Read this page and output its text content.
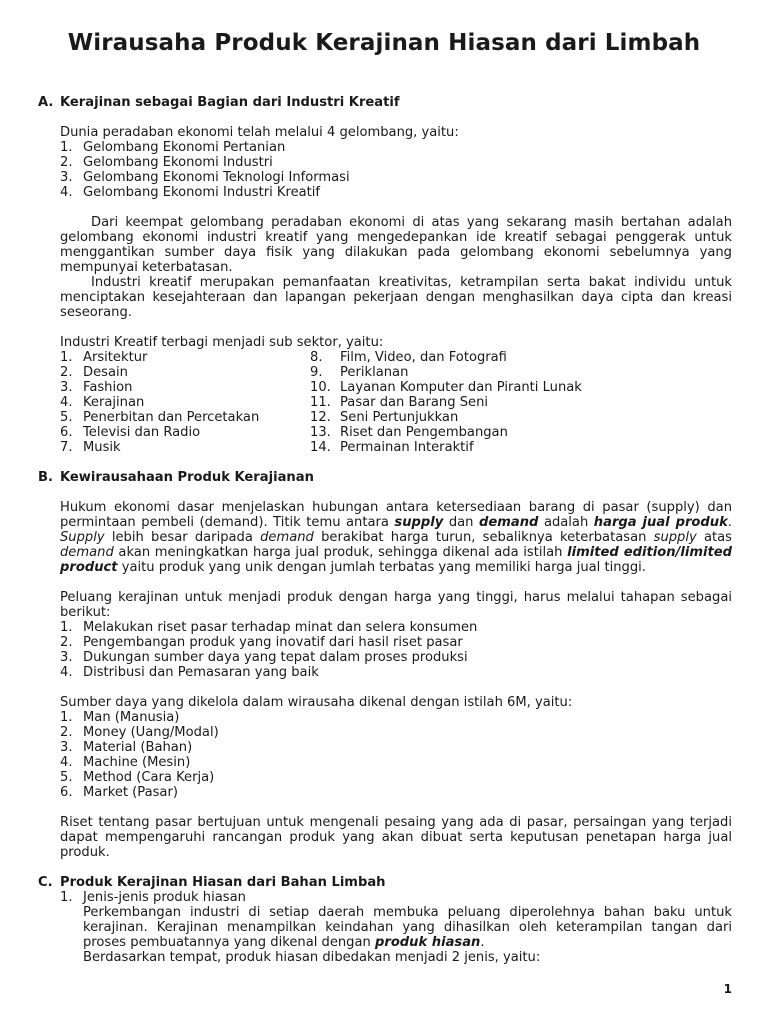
Wirausaha Produk Kerajinan Hiasan dari Limbah
A. Kerajinan sebagai Bagian dari Industri Kreatif
Dunia peradaban ekonomi telah melalui 4 gelombang, yaitu:
1. Gelombang Ekonomi Pertanian
2. Gelombang Ekonomi Industri
3. Gelombang Ekonomi Teknologi Informasi
4. Gelombang Ekonomi Industri Kreatif
Dari keempat gelombang peradaban ekonomi di atas yang sekarang masih bertahan adalah gelombang ekonomi industri kreatif yang mengedepankan ide kreatif sebagai penggerak untuk menggantikan sumber daya fisik yang dilakukan pada gelombang ekonomi sebelumnya yang mempunyai keterbatasan.
Industri kreatif merupakan pemanfaatan kreativitas, ketrampilan serta bakat individu untuk menciptakan kesejahteraan dan lapangan pekerjaan dengan menghasilkan daya cipta dan kreasi seseorang.
Industri Kreatif terbagi menjadi sub sektor, yaitu:
1. Arsitektur
2. Desain
3. Fashion
4. Kerajinan
5. Penerbitan dan Percetakan
6. Televisi dan Radio
7. Musik
8.	Film, Video, dan Fotografi
9.	Periklanan
10. Layanan Komputer dan Piranti Lunak
11. Pasar dan Barang Seni
12. Seni Pertunjukkan
13. Riset dan Pengembangan
14. Permainan Interaktif
B. Kewirausahaan Produk Kerajianan
Hukum ekonomi dasar menjelaskan hubungan antara ketersediaan barang di pasar (supply) dan permintaan pembeli (demand). Titik temu antara supply dan demand adalah harga jual produk. Supply lebih besar daripada demand berakibat harga turun, sebaliknya keterbatasan supply atas demand akan meningkatkan harga jual produk, sehingga dikenal ada istilah limited edition/limited product yaitu produk yang unik dengan jumlah terbatas yang memiliki harga jual tinggi.
Peluang kerajinan untuk menjadi produk dengan harga yang tinggi, harus melalui tahapan sebagai berikut:
1. Melakukan riset pasar terhadap minat dan selera konsumen
2. Pengembangan produk yang inovatif dari hasil riset pasar
3. Dukungan sumber daya yang tepat dalam proses produksi
4. Distribusi dan Pemasaran yang baik
Sumber daya yang dikelola dalam wirausaha dikenal dengan istilah 6M, yaitu:
1. Man (Manusia)
2. Money (Uang/Modal)
3. Material (Bahan)
4. Machine (Mesin)
5. Method (Cara Kerja)
6. Market (Pasar)
Riset tentang pasar bertujuan untuk mengenali pesaing yang ada di pasar, persaingan yang terjadi dapat mempengaruhi rancangan produk yang akan dibuat serta keputusan penetapan harga jual produk.
C. Produk Kerajinan Hiasan dari Bahan Limbah
1. Jenis-jenis produk hiasan
Perkembangan industri di setiap daerah membuka peluang diperolehnya bahan baku untuk kerajinan. Kerajinan menampilkan keindahan yang dihasilkan oleh keterampilan tangan dari proses pembuatannya yang dikenal dengan produk hiasan.
Berdasarkan tempat, produk hiasan dibedakan menjadi 2 jenis, yaitu:
1
